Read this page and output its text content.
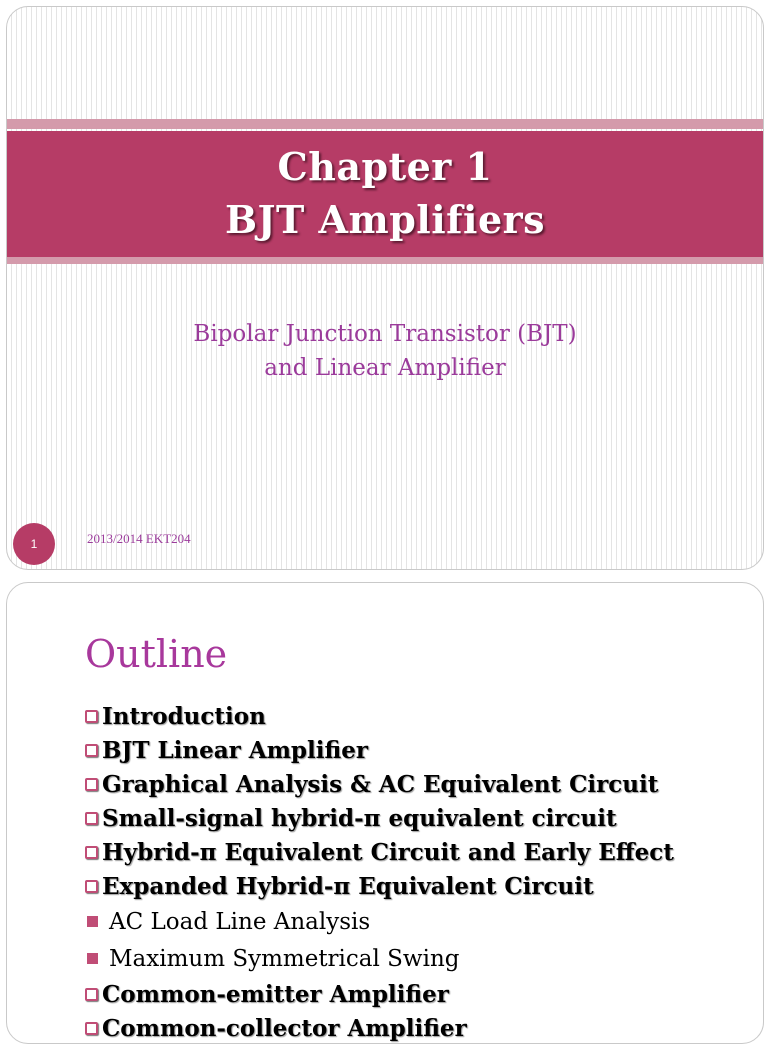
Chapter 1
BJT Amplifiers
Bipolar Junction Transistor (BJT)
and Linear Amplifier
1	2013/2014 EKT204
Outline
Introduction
BJT Linear Amplifier
Graphical Analysis & AC Equivalent Circuit
Small-signal hybrid-π equivalent circuit
Hybrid-π Equivalent Circuit and Early Effect
Expanded Hybrid-π Equivalent Circuit
AC Load Line Analysis
Maximum Symmetrical Swing
Common-emitter Amplifier
Common-collector Amplifier
